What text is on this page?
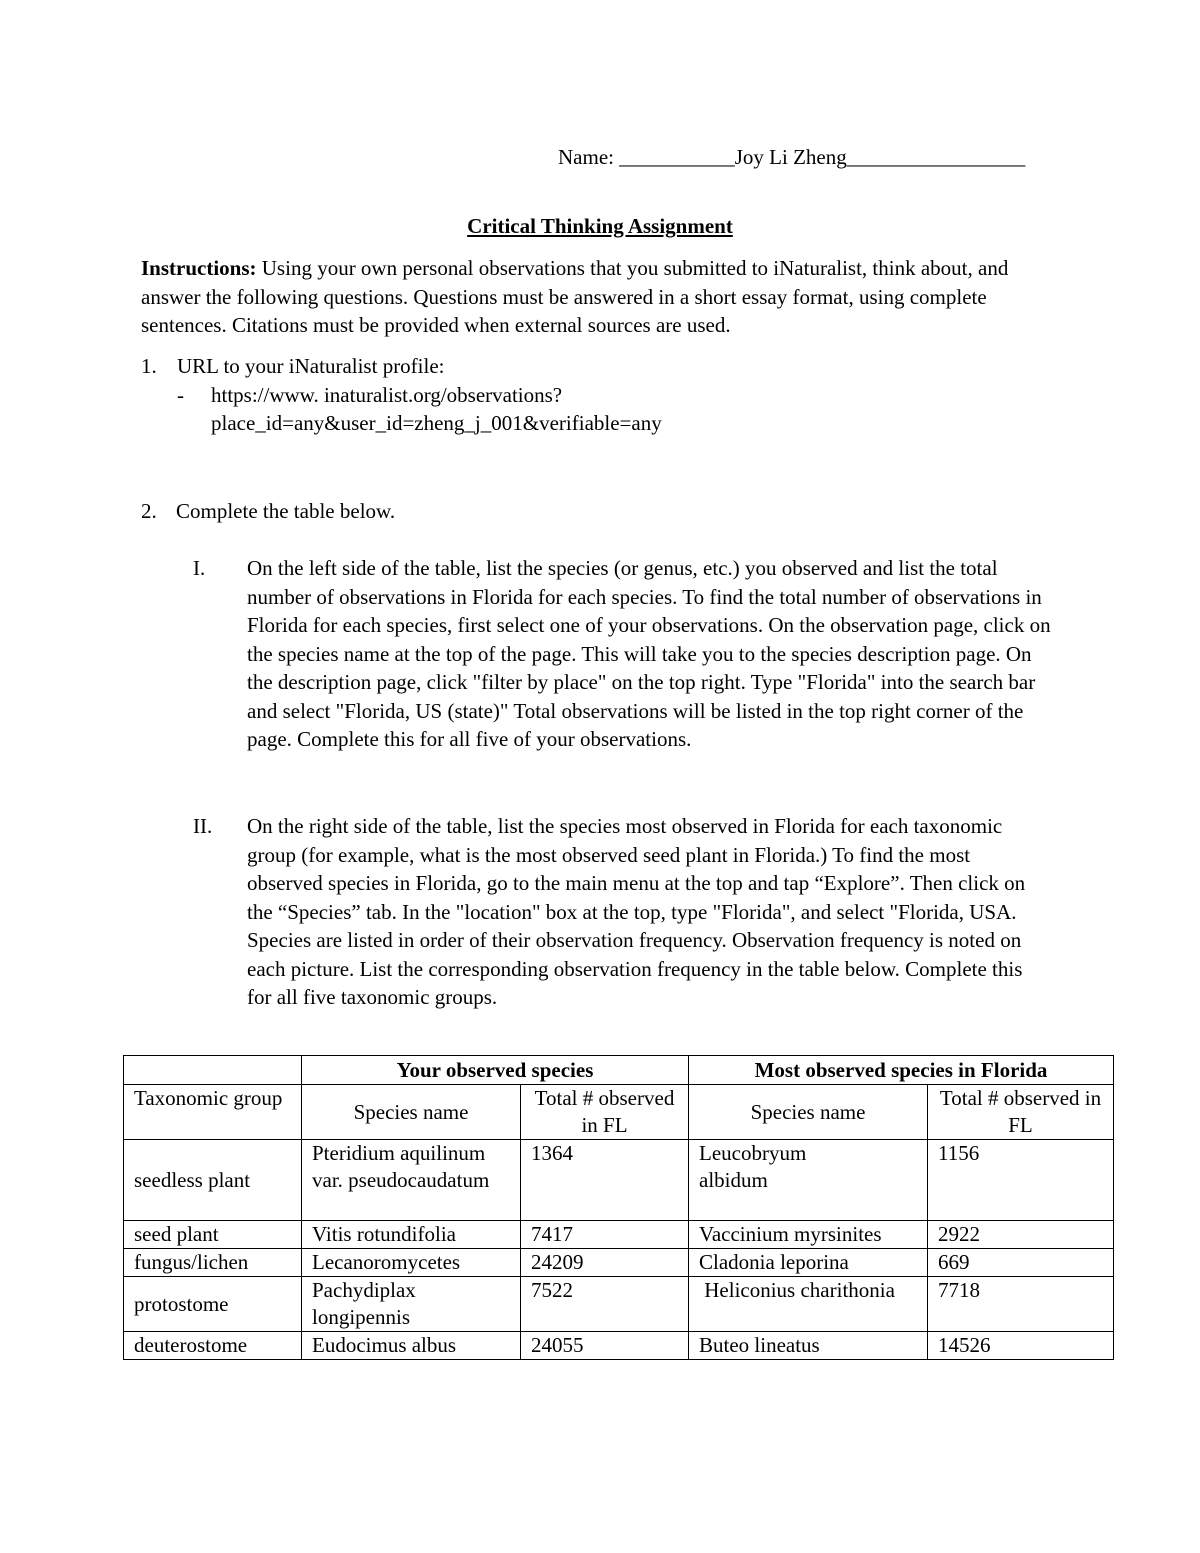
Name: ___________Joy Li Zheng_________________
Critical Thinking Assignment
Instructions: Using your own personal observations that you submitted to iNaturalist, think about, and answer the following questions. Questions must be answered in a short essay format, using complete sentences. Citations must be provided when external sources are used.
1. URL to your iNaturalist profile:
- https://www. inaturalist.org/observations?
place_id=any&user_id=zheng_j_001&verifiable=any
2. Complete the table below.
I.	On the left side of the table, list the species (or genus, etc.) you observed and list the total number of observations in Florida for each species. To find the total number of observations in Florida for each species, first select one of your observations. On the observation page, click on the species name at the top of the page. This will take you to the species description page. On the description page, click "filter by place" on the top right. Type "Florida" into the search bar and select "Florida, US (state)" Total observations will be listed in the top right corner of the page. Complete this for all five of your observations.
II.	On the right side of the table, list the species most observed in Florida for each taxonomic group (for example, what is the most observed seed plant in Florida.) To find the most observed species in Florida, go to the main menu at the top and tap “Explore”. Then click on the “Species” tab. In the "location" box at the top, type "Florida", and select "Florida, USA. Species are listed in order of their observation frequency. Observation frequency is noted on each picture. List the corresponding observation frequency in the table below. Complete this for all five taxonomic groups.
	Your observed species		Most observed species in Florida	
Taxonomic group	Species name	Total # observed in FL	Species name	Total # observed in FL
seedless plant	Pteridium aquilinum var. pseudocaudatum	1364	Leucobryum albidum	1156
seed plant	Vitis rotundifolia	7417	Vaccinium myrsinites	2922
fungus/lichen	Lecanoromycetes	24209	Cladonia leporina	669
protostome	Pachydiplax longipennis	7522	Heliconius charithonia	7718
deuterostome	Eudocimus albus	24055	Buteo lineatus	14526
